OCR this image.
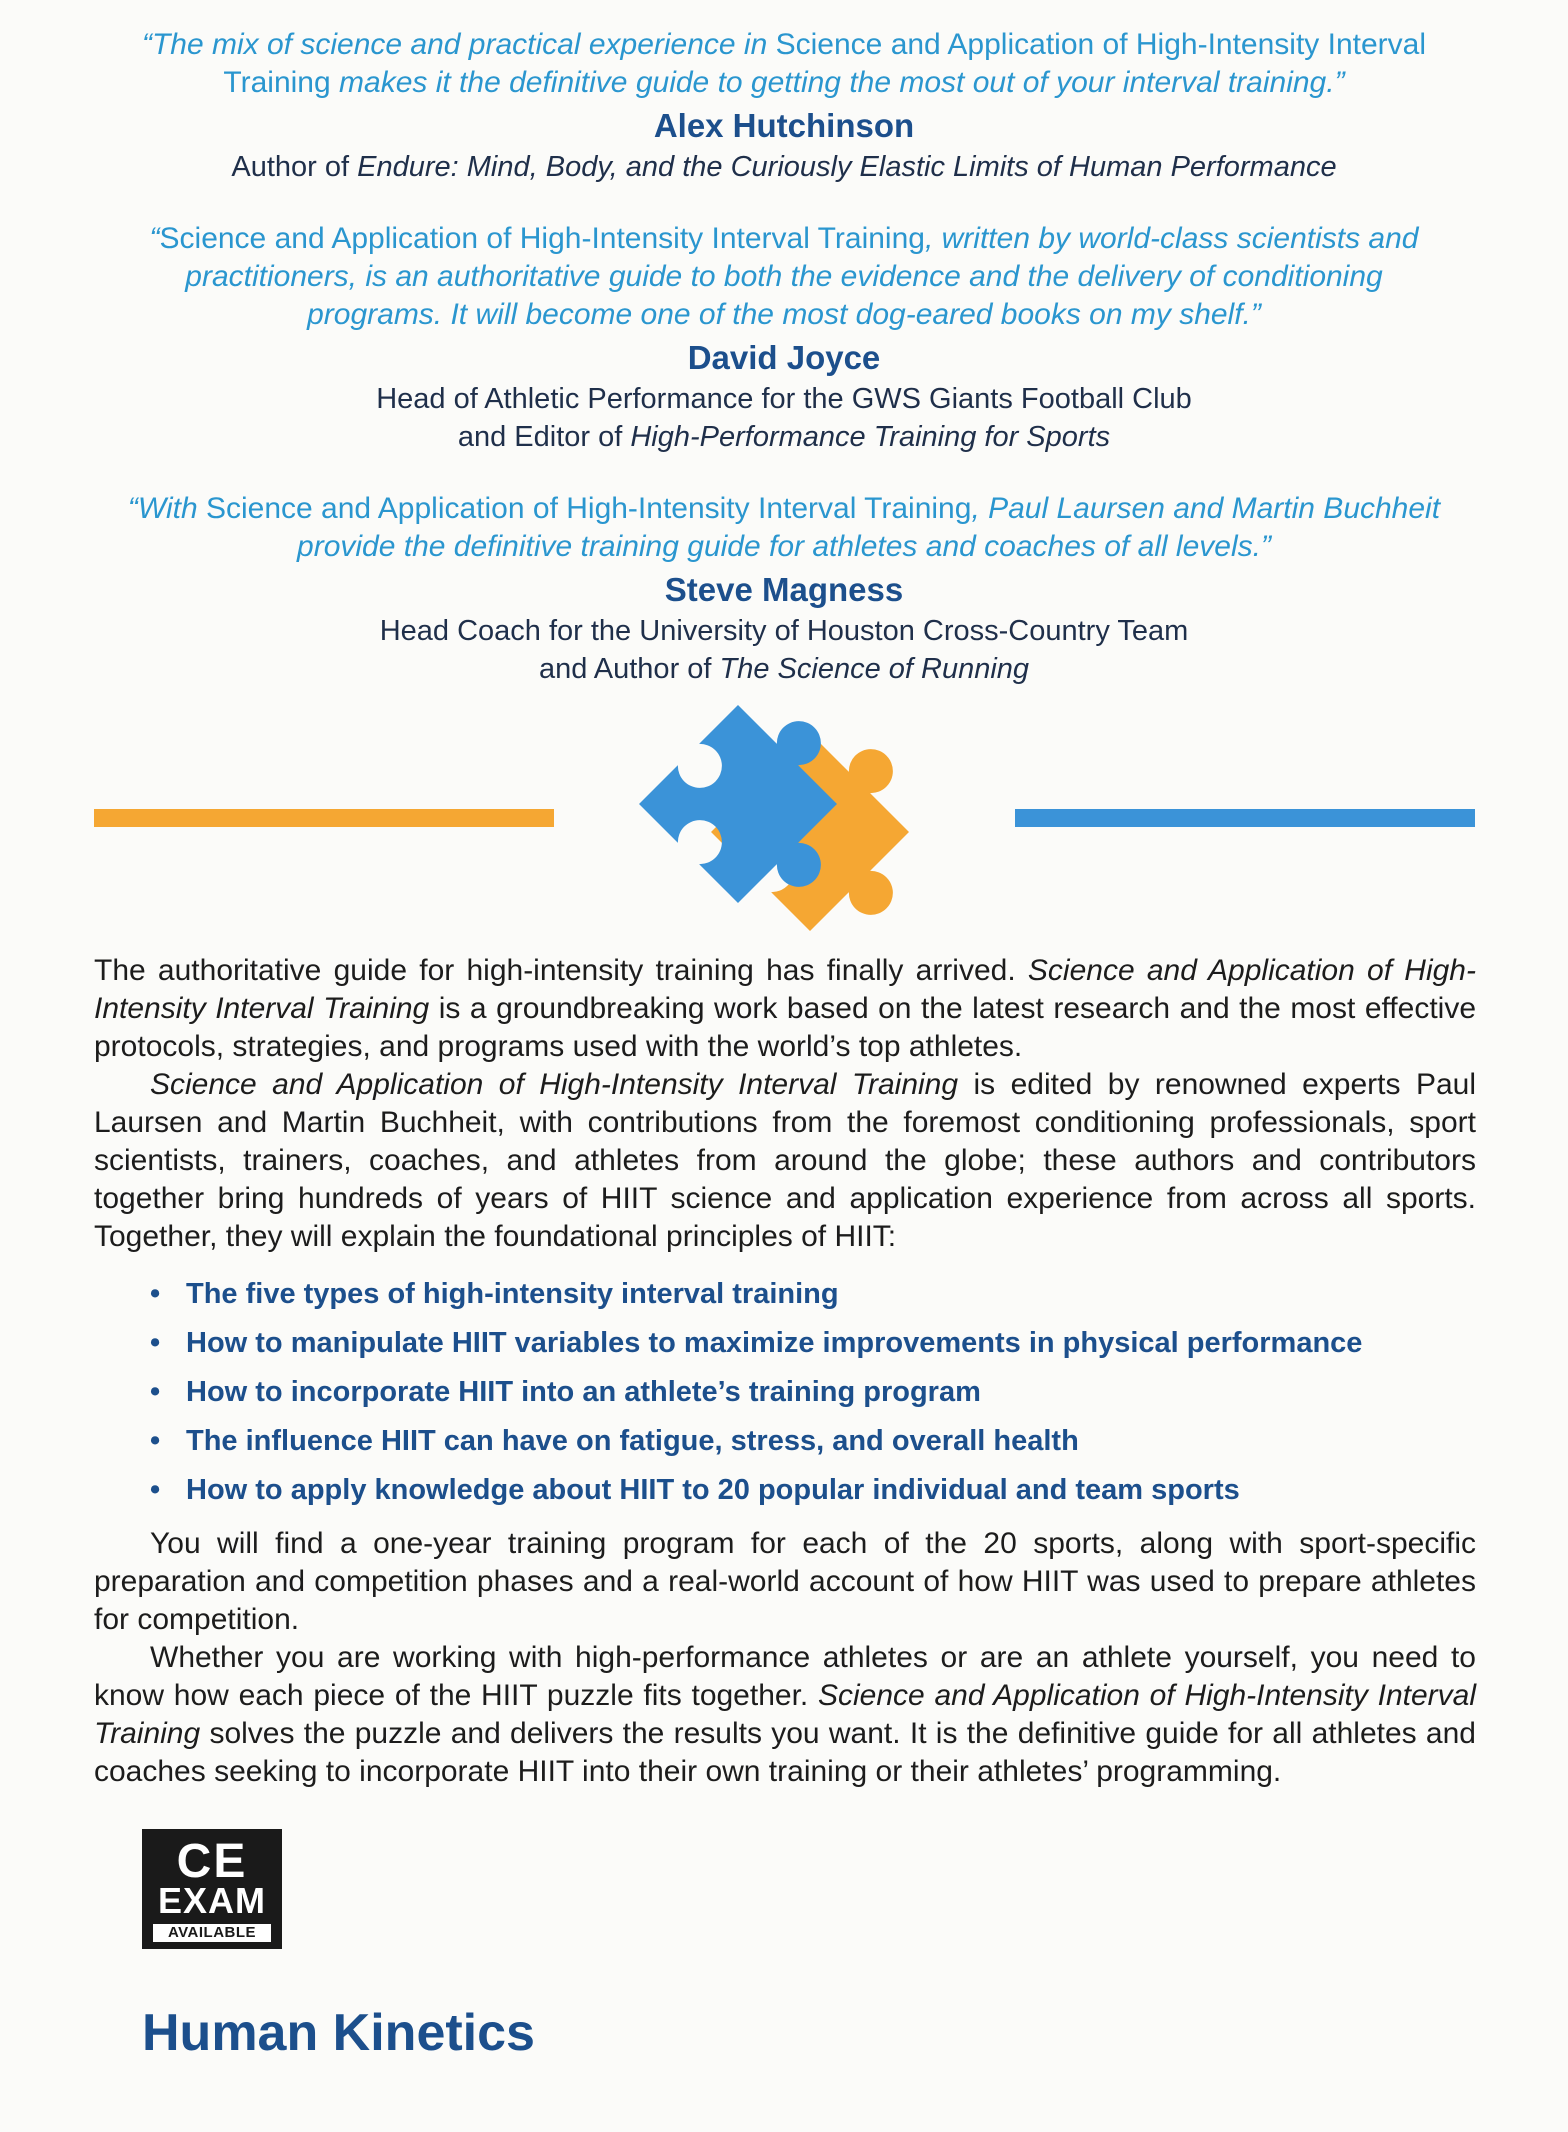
“The mix of science and practical experience in Science and Application of High-Intensity Interval Training makes it the definitive guide to getting the most out of your interval training.”
Alex Hutchinson
Author of Endure: Mind, Body, and the Curiously Elastic Limits of Human Performance
“Science and Application of High-Intensity Interval Training, written by world-class scientists and practitioners, is an authoritative guide to both the evidence and the delivery of conditioning programs. It will become one of the most dog-eared books on my shelf.”
David Joyce
Head of Athletic Performance for the GWS Giants Football Club
and Editor of High-Performance Training for Sports
“With Science and Application of High-Intensity Interval Training, Paul Laursen and Martin Buchheit provide the definitive training guide for athletes and coaches of all levels.”
Steve Magness
Head Coach for the University of Houston Cross-Country Team
and Author of The Science of Running

The authoritative guide for high-intensity training has finally arrived. Science and Application of High-Intensity Interval Training is a groundbreaking work based on the latest research and the most effective protocols, strategies, and programs used with the world’s top athletes.

Science and Application of High-Intensity Interval Training is edited by renowned experts Paul Laursen and Martin Buchheit, with contributions from the foremost conditioning professionals, sport scientists, trainers, coaches, and athletes from around the globe; these authors and contributors together bring hundreds of years of HIIT science and application experience from across all sports. Together, they will explain the foundational principles of HIIT:

• The five types of high-intensity interval training
• How to manipulate HIIT variables to maximize improvements in physical performance
• How to incorporate HIIT into an athlete’s training program
• The influence HIIT can have on fatigue, stress, and overall health
• How to apply knowledge about HIIT to 20 popular individual and team sports

You will find a one-year training program for each of the 20 sports, along with sport-specific preparation and competition phases and a real-world account of how HIIT was used to prepare athletes for competition.

Whether you are working with high-performance athletes or are an athlete yourself, you need to know how each piece of the HIIT puzzle fits together. Science and Application of High-Intensity Interval Training solves the puzzle and delivers the results you want. It is the definitive guide for all athletes and coaches seeking to incorporate HIIT into their own training or their athletes’ programming.

CE
EXAM
AVAILABLE
Human Kinetics
